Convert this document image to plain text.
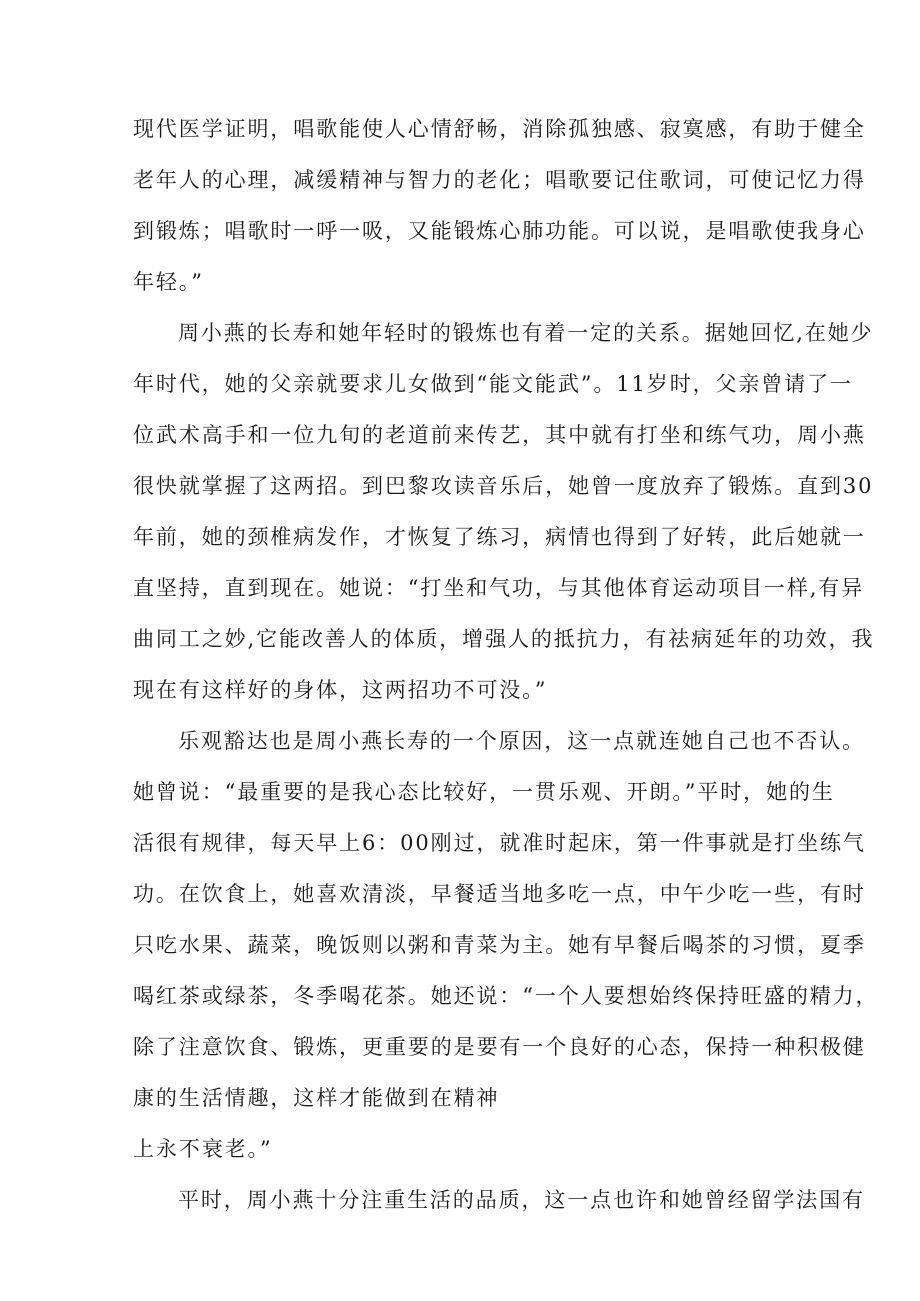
现代医学证明，唱歌能使人心情舒畅，消除孤独感、寂寞感，有助于健全
老年人的心理，减缓精神与智力的老化；唱歌要记住歌词，可使记忆力得
到锻炼；唱歌时一呼一吸，又能锻炼心肺功能。可以说，是唱歌使我身心
年轻。”
周小燕的长寿和她年轻时的锻炼也有着一定的关系。据她回忆,在她少
年时代，她的父亲就要求儿女做到“能文能武”。11岁时，父亲曾请了一
位武术高手和一位九旬的老道前来传艺，其中就有打坐和练气功，周小燕
很快就掌握了这两招。到巴黎攻读音乐后，她曾一度放弃了锻炼。直到30
年前，她的颈椎病发作，才恢复了练习，病情也得到了好转，此后她就一
直坚持，直到现在。她说：“打坐和气功，与其他体育运动项目一样,有异
曲同工之妙,它能改善人的体质，增强人的抵抗力，有祛病延年的功效，我
现在有这样好的身体，这两招功不可没。”
乐观豁达也是周小燕长寿的一个原因，这一点就连她自己也不否认。
她曾说：“最重要的是我心态比较好，一贯乐观、开朗。”平时，她的生
活很有规律，每天早上6：00刚过，就准时起床，第一件事就是打坐练气
功。在饮食上，她喜欢清淡，早餐适当地多吃一点，中午少吃一些，有时
只吃水果、蔬菜，晚饭则以粥和青菜为主。她有早餐后喝茶的习惯，夏季
喝红茶或绿茶，冬季喝花茶。她还说：“一个人要想始终保持旺盛的精力，
除了注意饮食、锻炼，更重要的是要有一个良好的心态，保持一种积极健
康的生活情趣，这样才能做到在精神
上永不衰老。”
平时，周小燕十分注重生活的品质，这一点也许和她曾经留学法国有
